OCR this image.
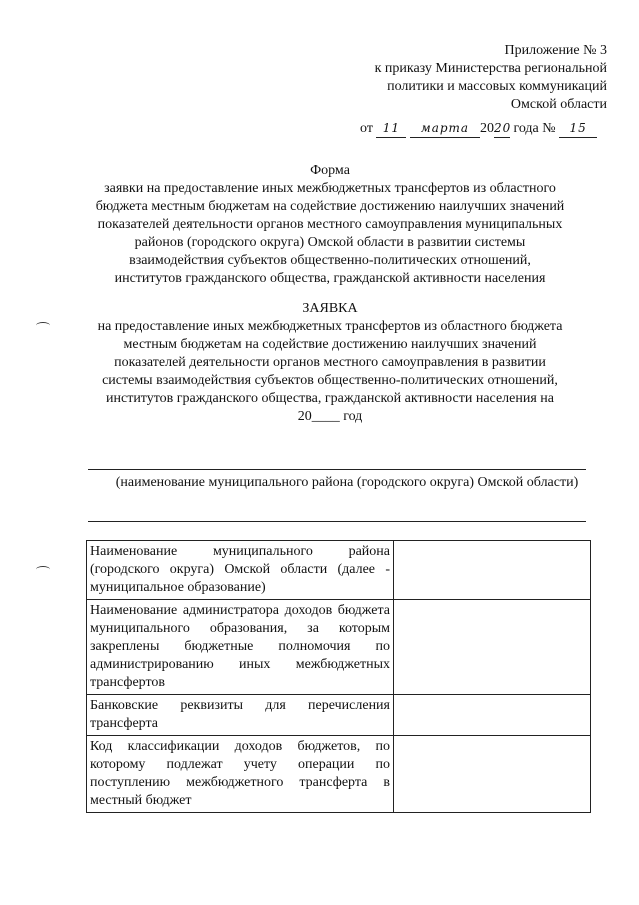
Приложение № 3
к приказу Министерства региональной
политики и массовых коммуникаций
Омской области
от 11 марта 2020 года № 15
Форма
заявки на предоставление иных межбюджетных трансфертов из областного
бюджета местным бюджетам на содействие достижению наилучших значений
показателей деятельности органов местного самоуправления муниципальных
районов (городского округа) Омской области в развитии системы
взаимодействия субъектов общественно-политических отношений,
институтов гражданского общества, гражданской активности населения
ЗАЯВКА
на предоставление иных межбюджетных трансфертов из областного бюджета
местным бюджетам на содействие достижению наилучших значений
показателей деятельности органов местного самоуправления в развитии
системы взаимодействия субъектов общественно-политических отношений,
институтов гражданского общества, гражданской активности населения на
20____ год
(наименование муниципального района (городского округа) Омской области)
Наименование муниципального района (городского округа) Омской области (далее - муниципальное образование)	
Наименование администратора доходов бюджета муниципального образования, за которым закреплены бюджетные полномочия по администрированию иных межбюджетных трансфертов	
Банковские реквизиты для перечисления трансферта	
Код классификации доходов бюджетов, по которому подлежат учету операции по поступлению межбюджетного трансферта в местный бюджет	
